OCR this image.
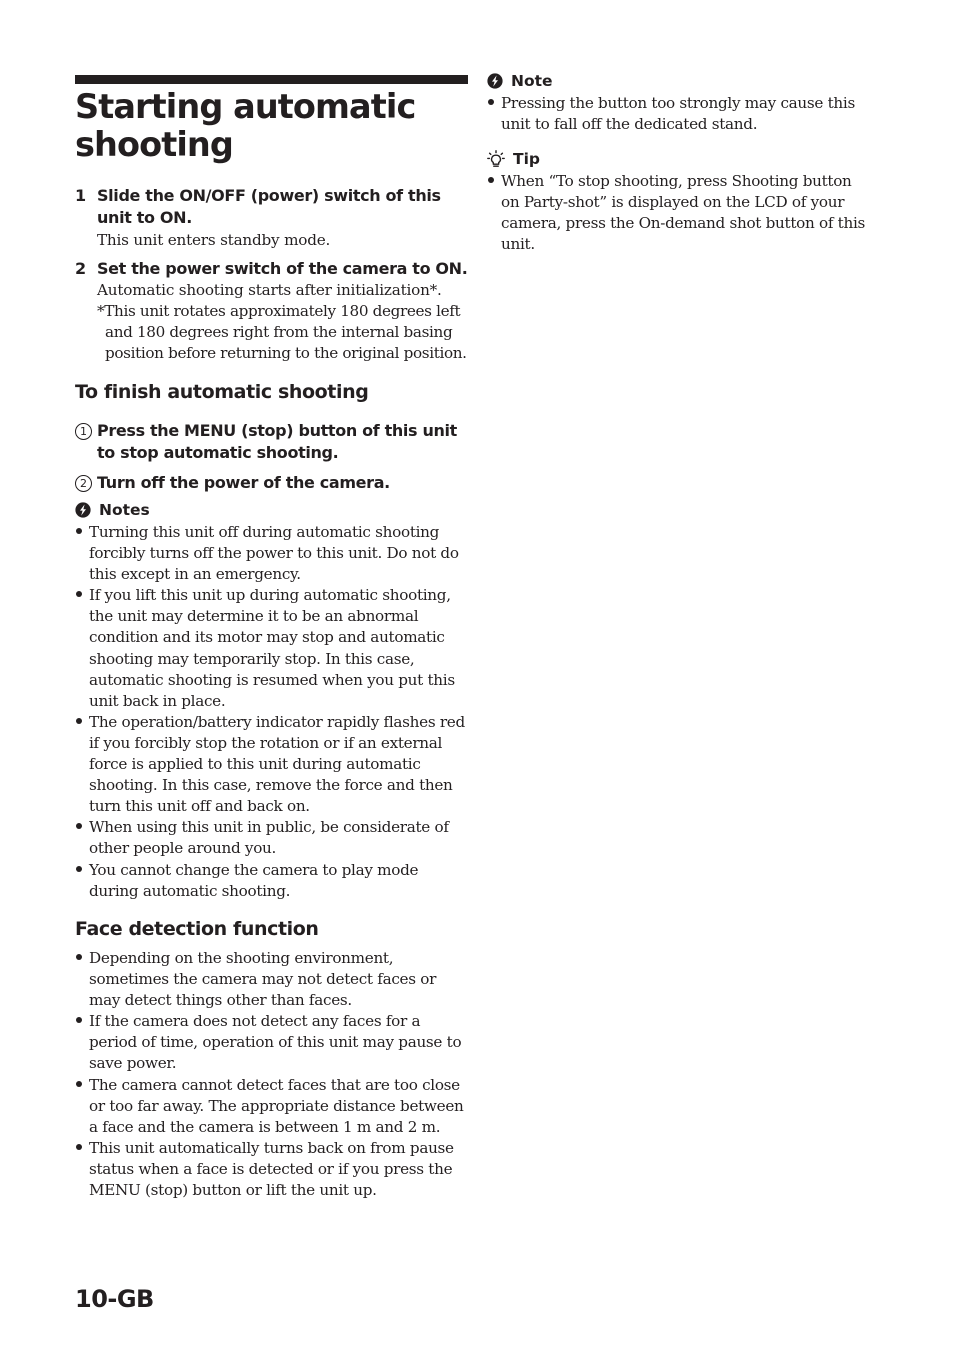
Starting automatic
shooting
1 Slide the ON/OFF (power) switch of this
unit to ON.
This unit enters standby mode.
2 Set the power switch of the camera to ON.
Automatic shooting starts after initialization*.
*This unit rotates approximately 180 degrees left and 180 degrees right from the internal basing position before returning to the original position.
To finish automatic shooting
1 Press the MENU (stop) button of this unit
to stop automatic shooting.
2 Turn off the power of the camera.
Notes
Turning this unit off during automatic shooting forcibly turns off the power to this unit. Do not do this except in an emergency.
If you lift this unit up during automatic shooting, the unit may determine it to be an abnormal condition and its motor may stop and automatic shooting may temporarily stop. In this case, automatic shooting is resumed when you put this unit back in place.
The operation/battery indicator rapidly flashes red if you forcibly stop the rotation or if an external force is applied to this unit during automatic shooting. In this case, remove the force and then turn this unit off and back on.
When using this unit in public, be considerate of other people around you.
You cannot change the camera to play mode during automatic shooting.
Face detection function
Depending on the shooting environment, sometimes the camera may not detect faces or may detect things other than faces.
If the camera does not detect any faces for a period of time, operation of this unit may pause to save power.
The camera cannot detect faces that are too close or too far away. The appropriate distance between a face and the camera is between 1 m and 2 m.
This unit automatically turns back on from pause status when a face is detected or if you press the MENU (stop) button or lift the unit up.
Note
Pressing the button too strongly may cause this unit to fall off the dedicated stand.
Tip
When “To stop shooting, press Shooting button on Party-shot” is displayed on the LCD of your camera, press the On-demand shot button of this unit.
10-GB
